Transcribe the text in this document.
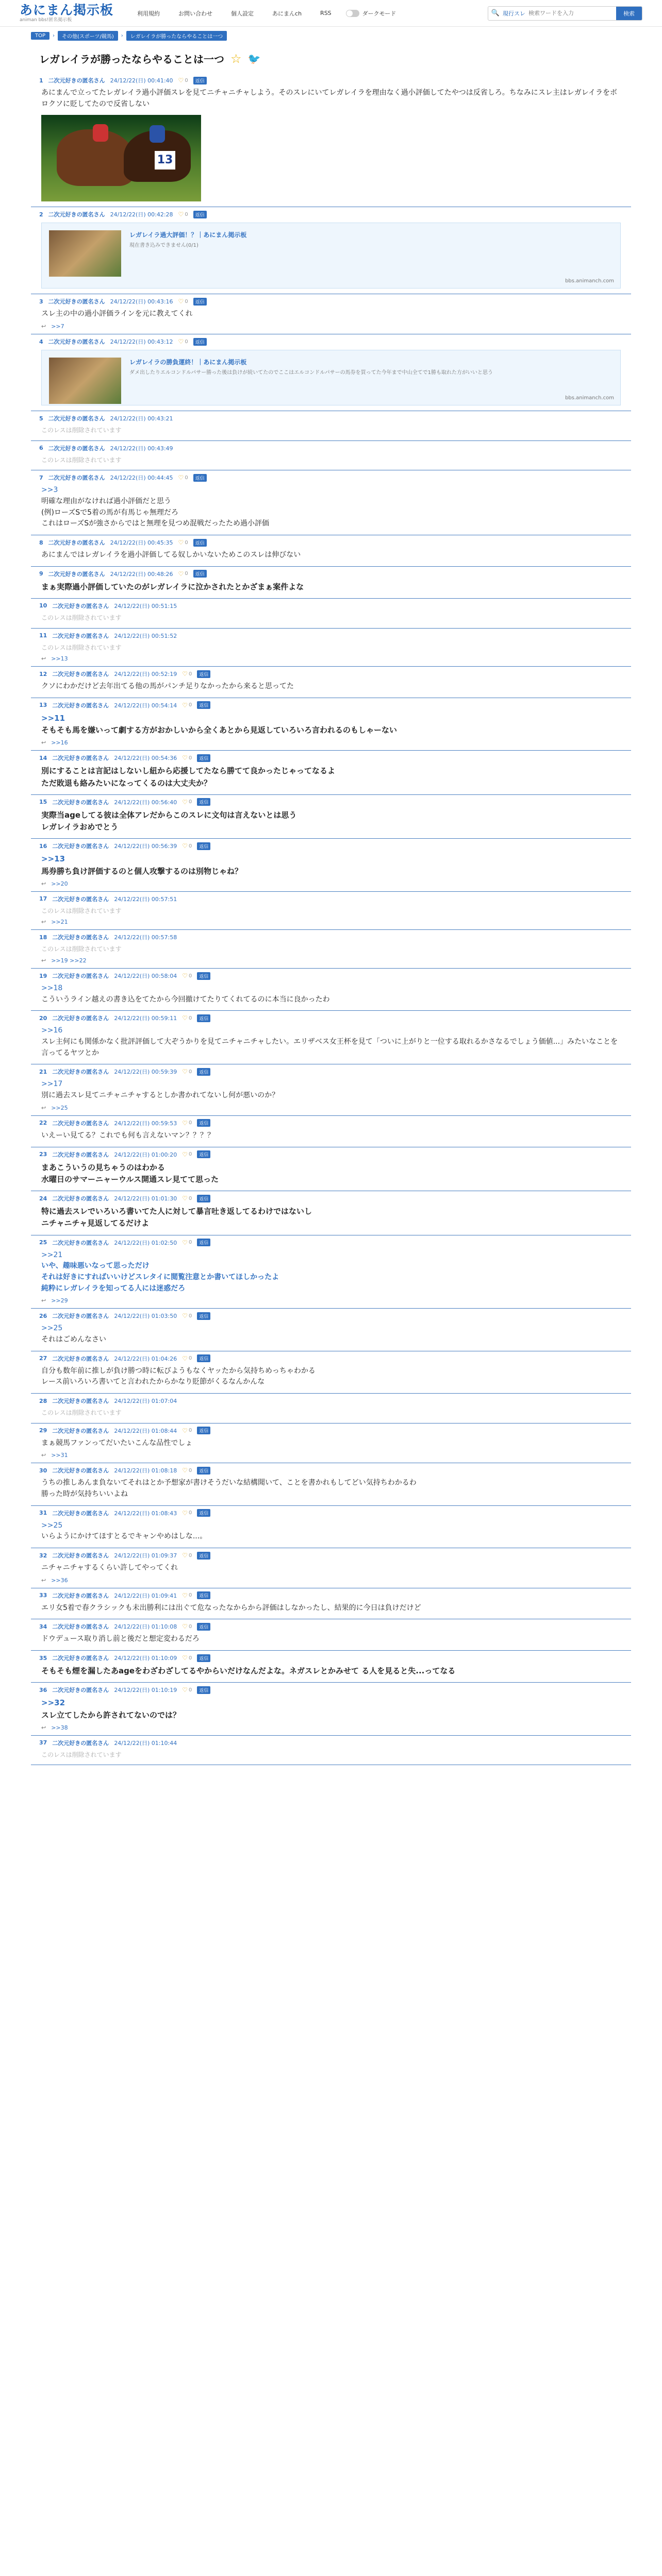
あにまん掲示板
animan bbs!匿名掲示板
利用規約	お問い合わせ	個人設定	あにまんch	RSS	ダークモード	🔍 現行スレ
検索ワードを入力	検索
TOP	›	その他(スポーツ/競馬)	›	レガレイラが勝ったならやることは一つ
レガレイラが勝ったならやることは一つ ☆ 🐦
1 二次元好きの匿名さん 24/12/22(日) 00:41:40 ♡ 0	返信
あにまんで立ってたレガレイラ過小評価スレを見てニチャニチャしよう。そのスレにいてレガレイラを理由なく過小評価してたやつは反省しろ。ちなみにスレ主はレガレイラをボロクソに貶してたので反省しない
13
2 二次元好きの匿名さん 24/12/22(日) 00:42:28 ♡ 0	返信
レガレイラ過大評価！？｜あにまん掲示板
現在書き込みできません(0/1)
bbs.animanch.com
3 二次元好きの匿名さん 24/12/22(日) 00:43:16 ♡ 0	返信
スレ主の中の過小評価ラインを元に教えてくれ
↩ >>7
4 二次元好きの匿名さん 24/12/22(日) 00:43:12 ♡ 0	返信
レガレイラの勝負運終！｜あにまん掲示板
ダメ出したりエルコンドルパサー勝った後は負けが続いてたのでここはエルコンドルパサーの馬券を買ってた今年まで中山全てで1勝も取れた方がいいと思う
bbs.animanch.com
5 二次元好きの匿名さん 24/12/22(日) 00:43:21
このレスは削除されています
6 二次元好きの匿名さん 24/12/22(日) 00:43:49
このレスは削除されています
7 二次元好きの匿名さん 24/12/22(日) 00:44:45 ♡ 0	返信
>>3
明確な理由がなければ過小評価だと思う
(例)ローズSで5着の馬が有馬じゃ無理だろ
これはローズSが強さからではと無理を見つめ混戦だったため過小評価
8 二次元好きの匿名さん 24/12/22(日) 00:45:35 ♡ 0	返信
あにまんではレガレイラを過小評価してる奴しかいないためこのスレは伸びない
9 二次元好きの匿名さん 24/12/22(日) 00:48:26 ♡ 0	返信
まぁ実際過小評価していたのがレガレイラに泣かされたとかざまぁ案件よな
10 二次元好きの匿名さん 24/12/22(日) 00:51:15
このレスは削除されています
11 二次元好きの匿名さん 24/12/22(日) 00:51:52
このレスは削除されています
↩ >>13
12 二次元好きの匿名さん 24/12/22(日) 00:52:19 ♡ 0	返信
クソにわかだけど去年出てる他の馬がパンチ足りなかったから来ると思ってた
13 二次元好きの匿名さん 24/12/22(日) 00:54:14 ♡ 0	返信
>>11
そもそも馬を嫌いって劇する方がおかしいから全くあとから見返していろいろ言われるのもしゃーない
↩ >>16
14 二次元好きの匿名さん 24/12/22(日) 00:54:36 ♡ 0	返信
別にすることは言記はしないし紐から応援してたなら勝てて良かったじゃってなるよ
ただ敗退も絡みたいになってくるのは大丈夫か？
15 二次元好きの匿名さん 24/12/22(日) 00:56:40 ♡ 0	返信
実際当ageしてる彼は全体アレだからこのスレに文句は言えないとは思う
レガレイラおめでとう
16 二次元好きの匿名さん 24/12/22(日) 00:56:39 ♡ 0	返信
>>13
馬券勝ち負け評価するのと個人攻撃するのは別物じゃね？
↩ >>20
17 二次元好きの匿名さん 24/12/22(日) 00:57:51
このレスは削除されています
↩ >>21
18 二次元好きの匿名さん 24/12/22(日) 00:57:58
このレスは削除されています
↩ >>19 >>22
19 二次元好きの匿名さん 24/12/22(日) 00:58:04 ♡ 0	返信
>>18
こういうライン越えの書き込をてたから今回撤けてたりてくれてるのに本当に良かったわ
20 二次元好きの匿名さん 24/12/22(日) 00:59:11 ♡ 0	返信
>>16
スレ主何にも関係かなく批評評価して大ぞうかりを見てニチャニチャしたい。エリザベス女王杯を見て「ついに上がりと一位する取れるかさなるでしょう価値...」みたいなことを言ってるヤツとか
21 二次元好きの匿名さん 24/12/22(日) 00:59:39 ♡ 0	返信
>>17
別に過去スレ見てニチャニチャするとしか書かれてないし何が悪いのか？
↩ >>25
22 二次元好きの匿名さん 24/12/22(日) 00:59:53 ♡ 0	返信
いえーい見てる？これでも何も言えないマン？？？？
23 二次元好きの匿名さん 24/12/22(日) 01:00:20 ♡ 0	返信
まあこういうの見ちゃうのはわかる
水曜日のサマーニャーウルス開通スレ見てて思った
24 二次元好きの匿名さん 24/12/22(日) 01:01:30 ♡ 0	返信
特に過去スレでいろいろ書いてた人に対して暴言吐き返してるわけではないし
ニチャニチャ見返してるだけよ
25 二次元好きの匿名さん 24/12/22(日) 01:02:50 ♡ 0	返信
>>21
いや、趣味悪いなって思っただけ
それは好きにすればいいけどスレタイに閲覧注意とか書いてほしかったよ
純粋にレガレイラを知ってる人には迷惑だろ
↩ >>29
26 二次元好きの匿名さん 24/12/22(日) 01:03:50 ♡ 0	返信
>>25
それはごめんなさい
27 二次元好きの匿名さん 24/12/22(日) 01:04:26 ♡ 0	返信
自分も数年前に推しが負け勝つ時に転びようもなくヤッたから気持ちめっちゃわかる
レース前いろいろ書いてと言われたからかなり貶節がくるなんかんな
28 二次元好きの匿名さん 24/12/22(日) 01:07:04
このレスは削除されています
29 二次元好きの匿名さん 24/12/22(日) 01:08:44 ♡ 0	返信
まぁ競馬ファンってだいたいこんな品性でしょ
↩ >>31
30 二次元好きの匿名さん 24/12/22(日) 01:08:18 ♡ 0	返信
うちの推しあんま負ないてそれはとか予想家が書けそうだいな結構聞いて、ことを書かれもしてどい気持ちわかるわ
勝った時が気持ちいいよね
31 二次元好きの匿名さん 24/12/22(日) 01:08:43 ♡ 0	返信
>>25
いらようにかけてほすとるでキャンやめはしな...。
32 二次元好きの匿名さん 24/12/22(日) 01:09:37 ♡ 0	返信
ニチャニチャするくらい許してやってくれ
↩ >>36
33 二次元好きの匿名さん 24/12/22(日) 01:09:41 ♡ 0	返信
エリ女5着で春クラシックも未出勝利には出ぐて危なったなからから評価はしなかったし、結果的に今日は負けだけど
34 二次元好きの匿名さん 24/12/22(日) 01:10:08 ♡ 0	返信
ドウデュース取り消し前と後だと想定変わるだろ
35 二次元好きの匿名さん 24/12/22(日) 01:10:09 ♡ 0	返信
そもそも煙を漏したあageをわざわざしてるやからいだけなんだよな。ネガスレとかみせて る人を見ると失...ってなる
36 二次元好きの匿名さん 24/12/22(日) 01:10:19 ♡ 0	返信
>>32
スレ立てしたから許されてないのでは？
↩ >>38
37 二次元好きの匿名さん 24/12/22(日) 01:10:44
このレスは削除されています
